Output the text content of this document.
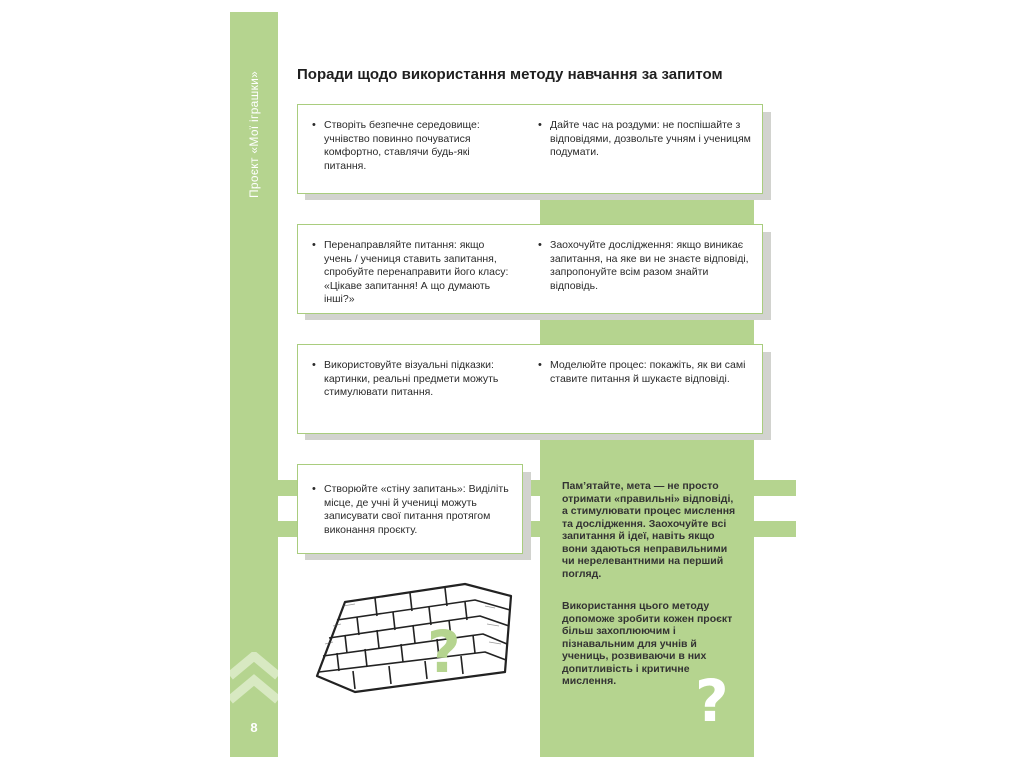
Проєкт «Мої іграшки»
8
Поради щодо використання методу навчання за запитом
• Створіть безпечне середовище: учнівство повинно почуватися комфортно, ставлячи будь-які питання.
• Дайте час на роздуми: не поспішайте з відповідями, дозвольте учням і ученицям подумати.
• Перенаправляйте питання: якщо учень / учениця ставить запитання, спробуйте перенаправити його класу: «Цікаве запитання! А що думають інші?»
• Заохочуйте дослідження: якщо виникає запитання, на яке ви не знаєте відповіді, запропонуйте всім разом знайти відповідь.
• Використовуйте візуальні підказки: картинки, реальні предмети можуть стимулювати питання.
• Моделюйте процес: покажіть, як ви самі ставите питання й шукаєте відповіді.
• Створюйте «стіну запитань»: Виділіть місце, де учні й учениці можуть записувати свої питання протягом виконання проєкту.
Пам’ятайте, мета — не просто отримати «правильні» відповіді, а стимулювати процес мислення та дослідження. Заохочуйте всі запитання й ідеї, навіть якщо вони здаються неправильними чи нерелевантними на перший погляд.
Використання цього методу допоможе зробити кожен проєкт більш захоплюючим і пізнавальним для учнів й учениць, розвиваючи в них допитливість і критичне мислення.	?
?
